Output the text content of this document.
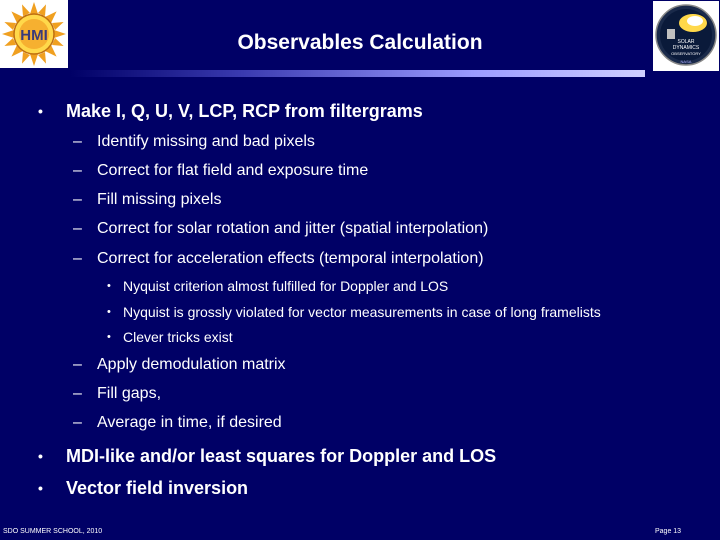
HMI	SOLAR
DYNAMICS
OBSERVATORY
NASA
Observables Calculation
• Make I, Q, U, V, LCP, RCP from filtergrams
– Identify missing and bad pixels
– Correct for flat field and exposure time
– Fill missing pixels
– Correct for solar rotation and jitter (spatial interpolation)
– Correct for acceleration effects (temporal interpolation)
• Nyquist criterion almost fulfilled for Doppler and LOS
• Nyquist is grossly violated for vector measurements in case of long framelists
• Clever tricks exist
– Apply demodulation matrix
– Fill gaps,
– Average in time, if desired
• MDI-like and/or least squares for Doppler and LOS
• Vector field inversion
SDO SUMMER SCHOOL, 2010	Page 13
